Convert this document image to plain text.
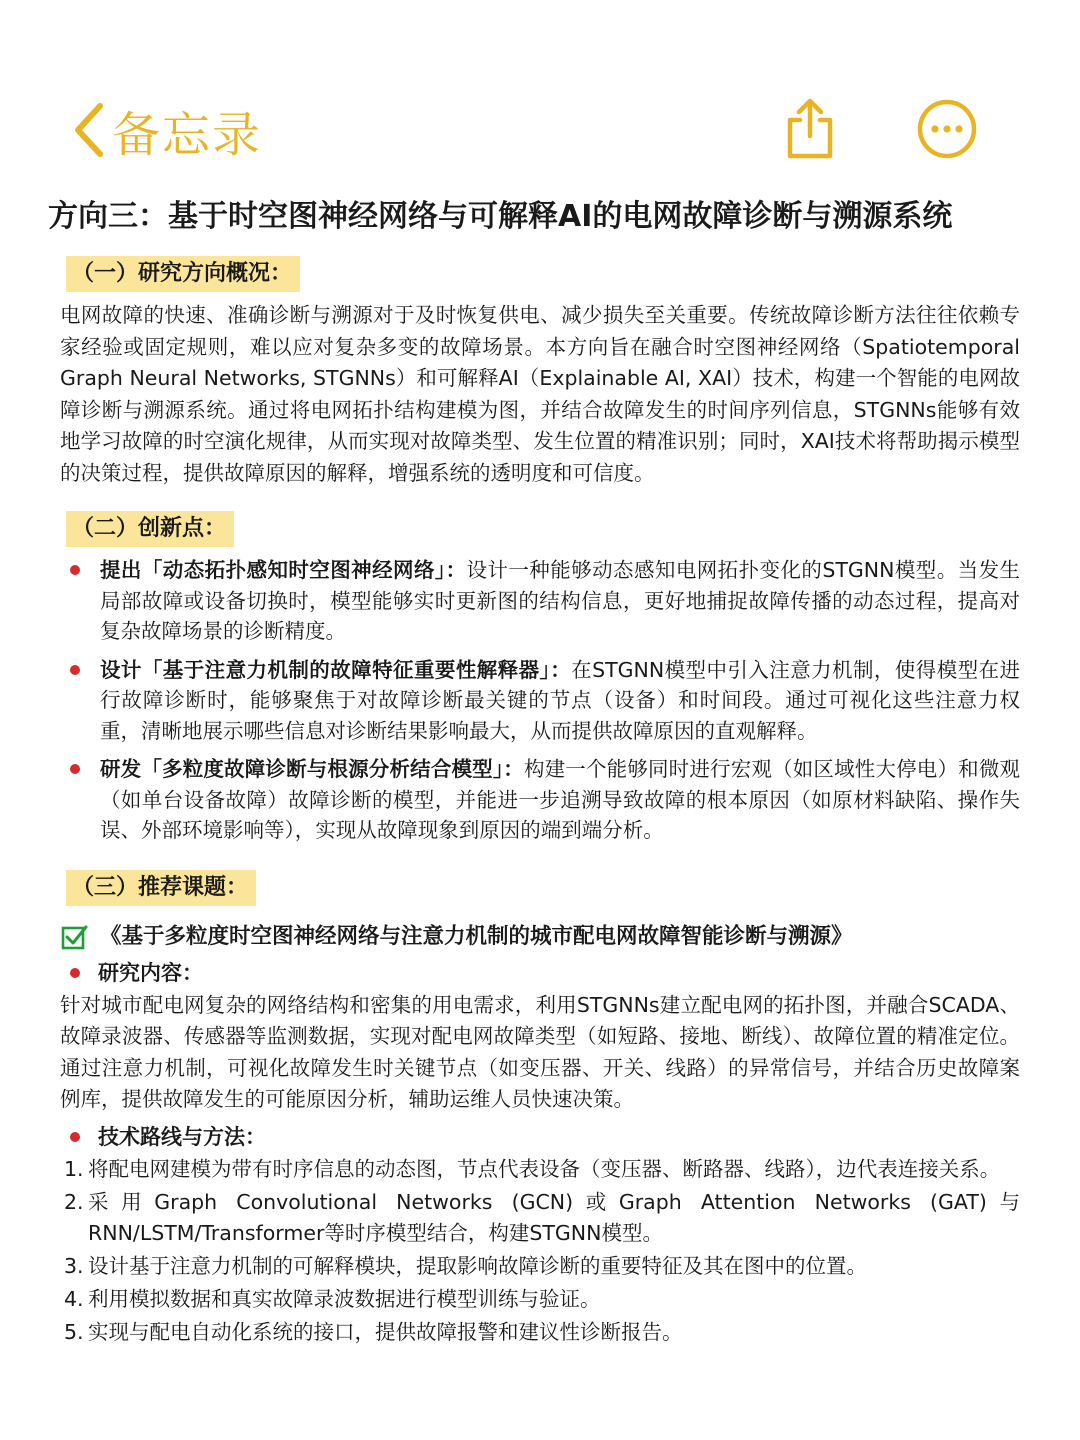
备忘录
方向三：基于时空图神经网络与可解释AI的电网故障诊断与溯源系统
（一）研究方向概况：

电网故障的快速、准确诊断与溯源对于及时恢复供电、减少损失至关重要。传统故障诊断方法往往依赖专家经验或固定规则，难以应对复杂多变的故障场景。本方向旨在融合时空图神经网络（Spatiotemporal Graph Neural Networks, STGNNs）和可解释AI（Explainable AI, XAI）技术，构建一个智能的电网故障诊断与溯源系统。通过将电网拓扑结构建模为图，并结合故障发生的时间序列信息，STGNNs能够有效地学习故障的时空演化规律，从而实现对故障类型、发生位置的精准识别；同时，XAI技术将帮助揭示模型的决策过程，提供故障原因的解释，增强系统的透明度和可信度。

（二）创新点：
提出「动态拓扑感知时空图神经网络」：设计一种能够动态感知电网拓扑变化的STGNN模型。当发生局部故障或设备切换时，模型能够实时更新图的结构信息，更好地捕捉故障传播的动态过程，提高对复杂故障场景的诊断精度。
设计「基于注意力机制的故障特征重要性解释器」：在STGNN模型中引入注意力机制，使得模型在进行故障诊断时，能够聚焦于对故障诊断最关键的节点（设备）和时间段。通过可视化这些注意力权重，清晰地展示哪些信息对诊断结果影响最大，从而提供故障原因的直观解释。
研发「多粒度故障诊断与根源分析结合模型」：构建一个能够同时进行宏观（如区域性大停电）和微观（如单台设备故障）故障诊断的模型，并能进一步追溯导致故障的根本原因（如原材料缺陷、操作失误、外部环境影响等），实现从故障现象到原因的端到端分析。
（三）推荐课题：
《基于多粒度时空图神经网络与注意力机制的城市配电网故障智能诊断与溯源》
研究内容：

针对城市配电网复杂的网络结构和密集的用电需求，利用STGNNs建立配电网的拓扑图，并融合SCADA、故障录波器、传感器等监测数据，实现对配电网故障类型（如短路、接地、断线）、故障位置的精准定位。通过注意力机制，可视化故障发生时关键节点（如变压器、开关、线路）的异常信号，并结合历史故障案例库，提供故障发生的可能原因分析，辅助运维人员快速决策。

技术路线与方法：
1. 将配电网建模为带有时序信息的动态图，节点代表设备（变压器、断路器、线路），边代表连接关系。
2. 采用Graph Convolutional Networks (GCN)或Graph Attention Networks (GAT)与RNN/LSTM/Transformer等时序模型结合，构建STGNN模型。
3. 设计基于注意力机制的可解释模块，提取影响故障诊断的重要特征及其在图中的位置。
4. 利用模拟数据和真实故障录波数据进行模型训练与验证。
5. 实现与配电自动化系统的接口，提供故障报警和建议性诊断报告。
